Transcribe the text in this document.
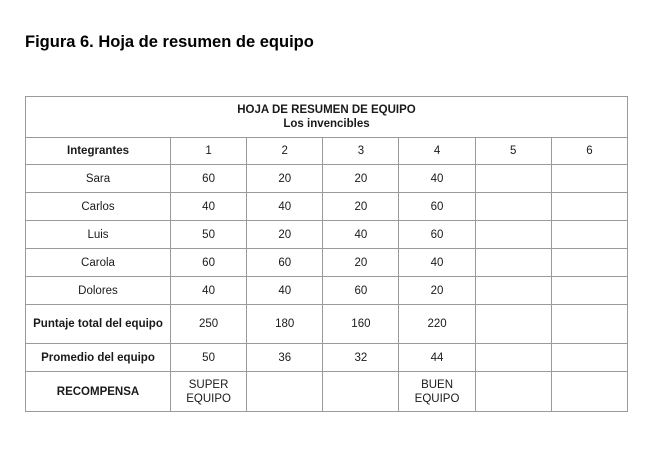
Figura 6. Hoja de resumen de equipo
HOJA DE RESUMEN DE EQUIPO
Los invencibles						

Integrantes	1	2	3	4	5	6
Sara	60	20	20	40		
Carlos	40	40	20	60		
Luis	50	20	40	60		
Carola	60	60	20	40		
Dolores	40	40	60	20		
Puntaje total del equipo	250	180	160	220		
Promedio del equipo	50	36	32	44		
RECOMPENSA	SUPER EQUIPO			BUEN EQUIPO		
